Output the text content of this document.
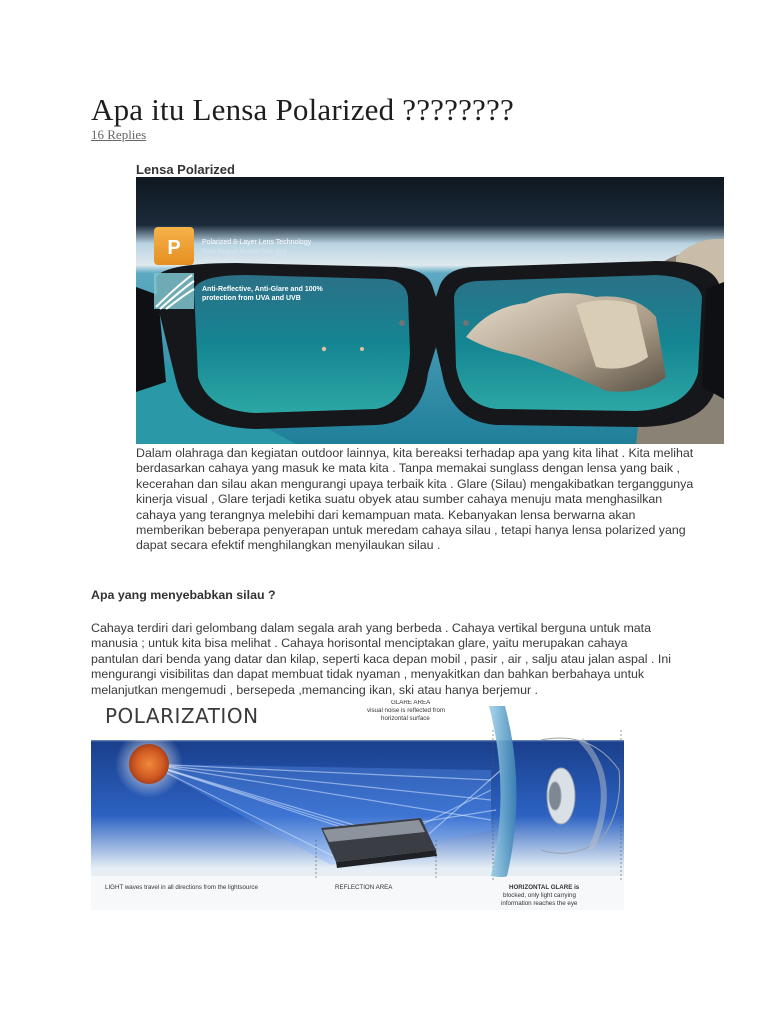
Apa itu Lensa Polarized ????????
16 Replies
Lensa Polarized
P	Polarized 8-Layer Lens Technology
Seen through Neutral Grey lens
Anti-Reflective, Anti-Glare and 100%
protection from UVA and UVB

Dalam olahraga dan kegiatan outdoor lainnya, kita bereaksi terhadap apa yang kita lihat . Kita melihat berdasarkan cahaya yang masuk ke mata kita . Tanpa memakai sunglass dengan lensa yang baik , kecerahan dan silau akan mengurangi upaya terbaik kita . Glare (Silau) mengakibatkan terganggunya kinerja visual , Glare terjadi ketika suatu obyek atau sumber cahaya menuju mata menghasilkan cahaya yang terangnya melebihi dari kemampuan mata. Kebanyakan lensa berwarna akan memberikan beberapa penyerapan untuk meredam cahaya silau , tetapi hanya lensa polarized yang dapat secara efektif menghilangkan menyilaukan silau .

Apa yang menyebabkan silau ?

Cahaya terdiri dari gelombang dalam segala arah yang berbeda . Cahaya vertikal berguna untuk mata manusia ; untuk kita bisa melihat . Cahaya horisontal menciptakan glare, yaitu merupakan cahaya pantulan dari benda yang datar dan kilap, seperti kaca depan mobil , pasir , air , salju atau jalan aspal . Ini mengurangi visibilitas dan dapat membuat tidak nyaman , menyakitkan dan bahkan berbahaya untuk melanjutkan mengemudi , bersepeda ,memancing ikan, ski atau hanya berjemur .

POLARIZATION
GLARE AREA
visual noise is reflected from
horizontal surface
LIGHT waves travel in all directions from the lightsource	REFLECTION AREA	HORIZONTAL GLARE is
blocked, only light carrying
information reaches the eye
